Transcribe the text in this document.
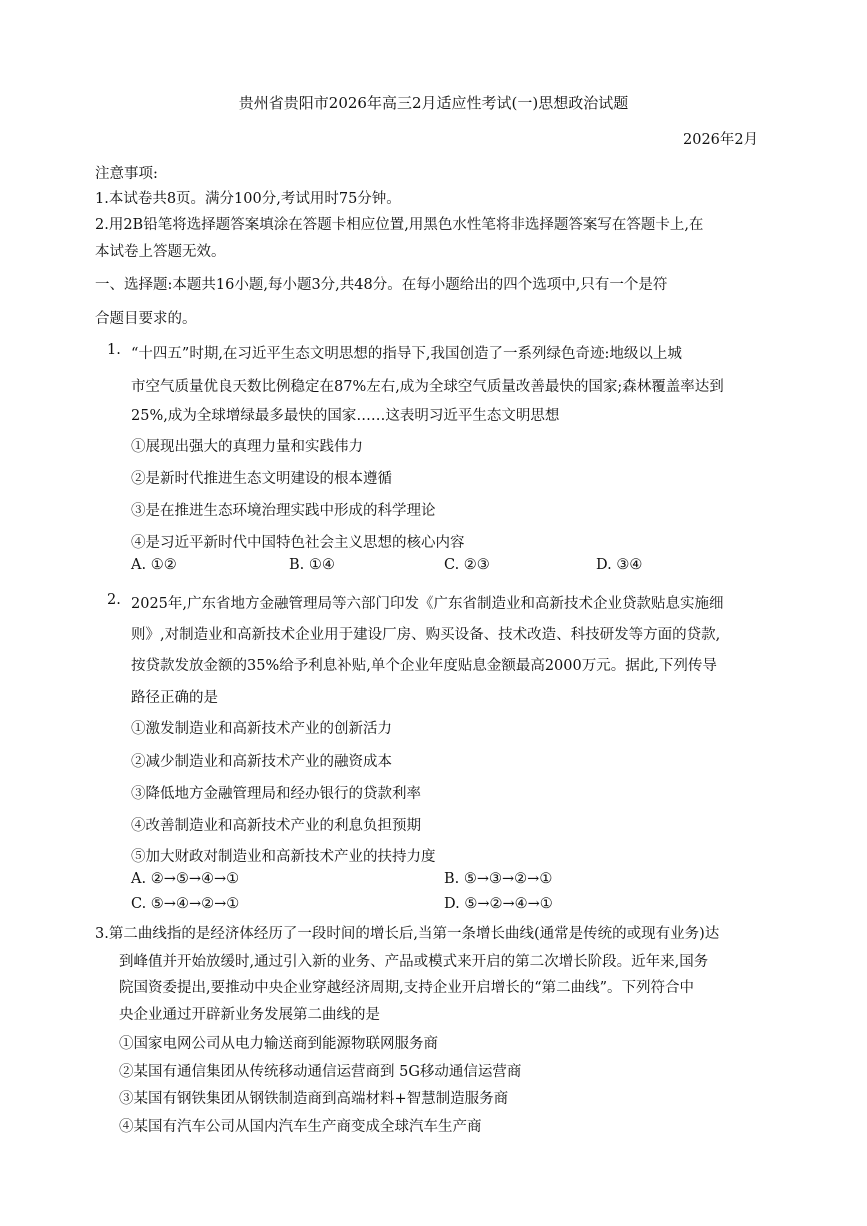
贵州省贵阳市2026年高三2月适应性考试(一)思想政治试题
2026年2月
注意事项:
1.本试卷共8页。满分100分,考试用时75分钟。
2.用2B铅笔将选择题答案填涂在答题卡相应位置,用黑色水性笔将非选择题答案写在答题卡上,在
本试卷上答题无效。
一、选择题:本题共16小题,每小题3分,共48分。在每小题给出的四个选项中,只有一个是符
合题目要求的。
1. “十四五”时期,在习近平生态文明思想的指导下,我国创造了一系列绿色奇迹:地级以上城
市空气质量优良天数比例稳定在87%左右,成为全球空气质量改善最快的国家;森林覆盖率达到
25%,成为全球增绿最多最快的国家……这表明习近平生态文明思想
①展现出强大的真理力量和实践伟力
②是新时代推进生态文明建设的根本遵循
③是在推进生态环境治理实践中形成的科学理论
④是习近平新时代中国特色社会主义思想的核心内容
A. ①②	B. ①④	C. ②③	D. ③④
2. 2025年,广东省地方金融管理局等六部门印发《广东省制造业和高新技术企业贷款贴息实施细
则》,对制造业和高新技术企业用于建设厂房、购买设备、技术改造、科技研发等方面的贷款,
按贷款发放金额的35%给予利息补贴,单个企业年度贴息金额最高2000万元。据此,下列传导
路径正确的是
①激发制造业和高新技术产业的创新活力
②减少制造业和高新技术产业的融资成本
③降低地方金融管理局和经办银行的贷款利率
④改善制造业和高新技术产业的利息负担预期
⑤加大财政对制造业和高新技术产业的扶持力度
A. ②→⑤→④→①	B. ⑤→③→②→①
C. ⑤→④→②→①	D. ⑤→②→④→①
3.第二曲线指的是经济体经历了一段时间的增长后,当第一条增长曲线(通常是传统的或现有业务)达
到峰值并开始放缓时,通过引入新的业务、产品或模式来开启的第二次增长阶段。近年来,国务
院国资委提出,要推动中央企业穿越经济周期,支持企业开启增长的“第二曲线”。下列符合中
央企业通过开辟新业务发展第二曲线的是
①国家电网公司从电力输送商到能源物联网服务商
②某国有通信集团从传统移动通信运营商到 5G移动通信运营商
③某国有钢铁集团从钢铁制造商到高端材料+智慧制造服务商
④某国有汽车公司从国内汽车生产商变成全球汽车生产商
